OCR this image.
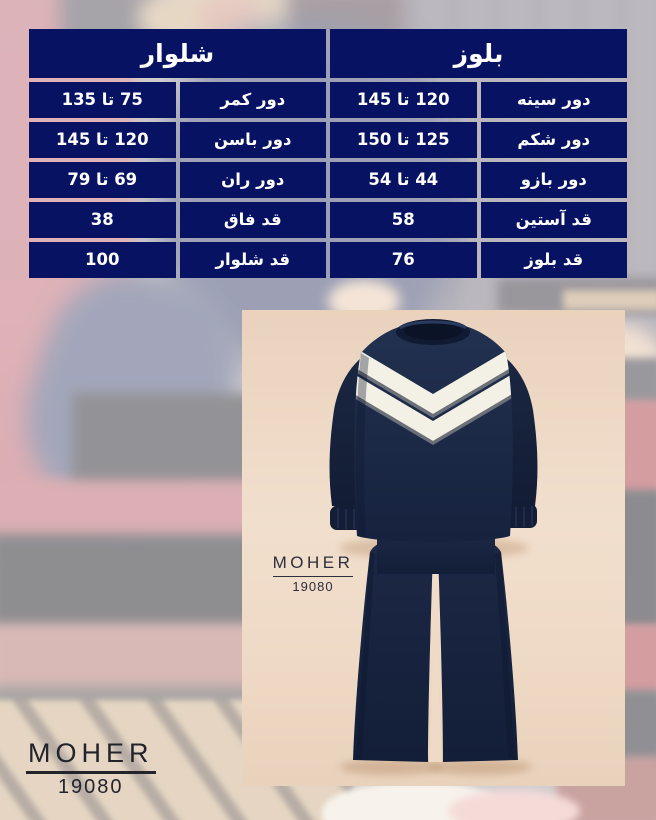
بلوز
شلوار
دور سینه
120 تا 145
دور کمر
75 تا 135
دور شکم
125 تا 150
دور باسن
120 تا 145
دور بازو
44 تا 54
دور ران
69 تا 79
قد آستین
58
قد فاق
38
قد بلوز
76
قد شلوار
100
MOHER
19080
MOHER
19080
